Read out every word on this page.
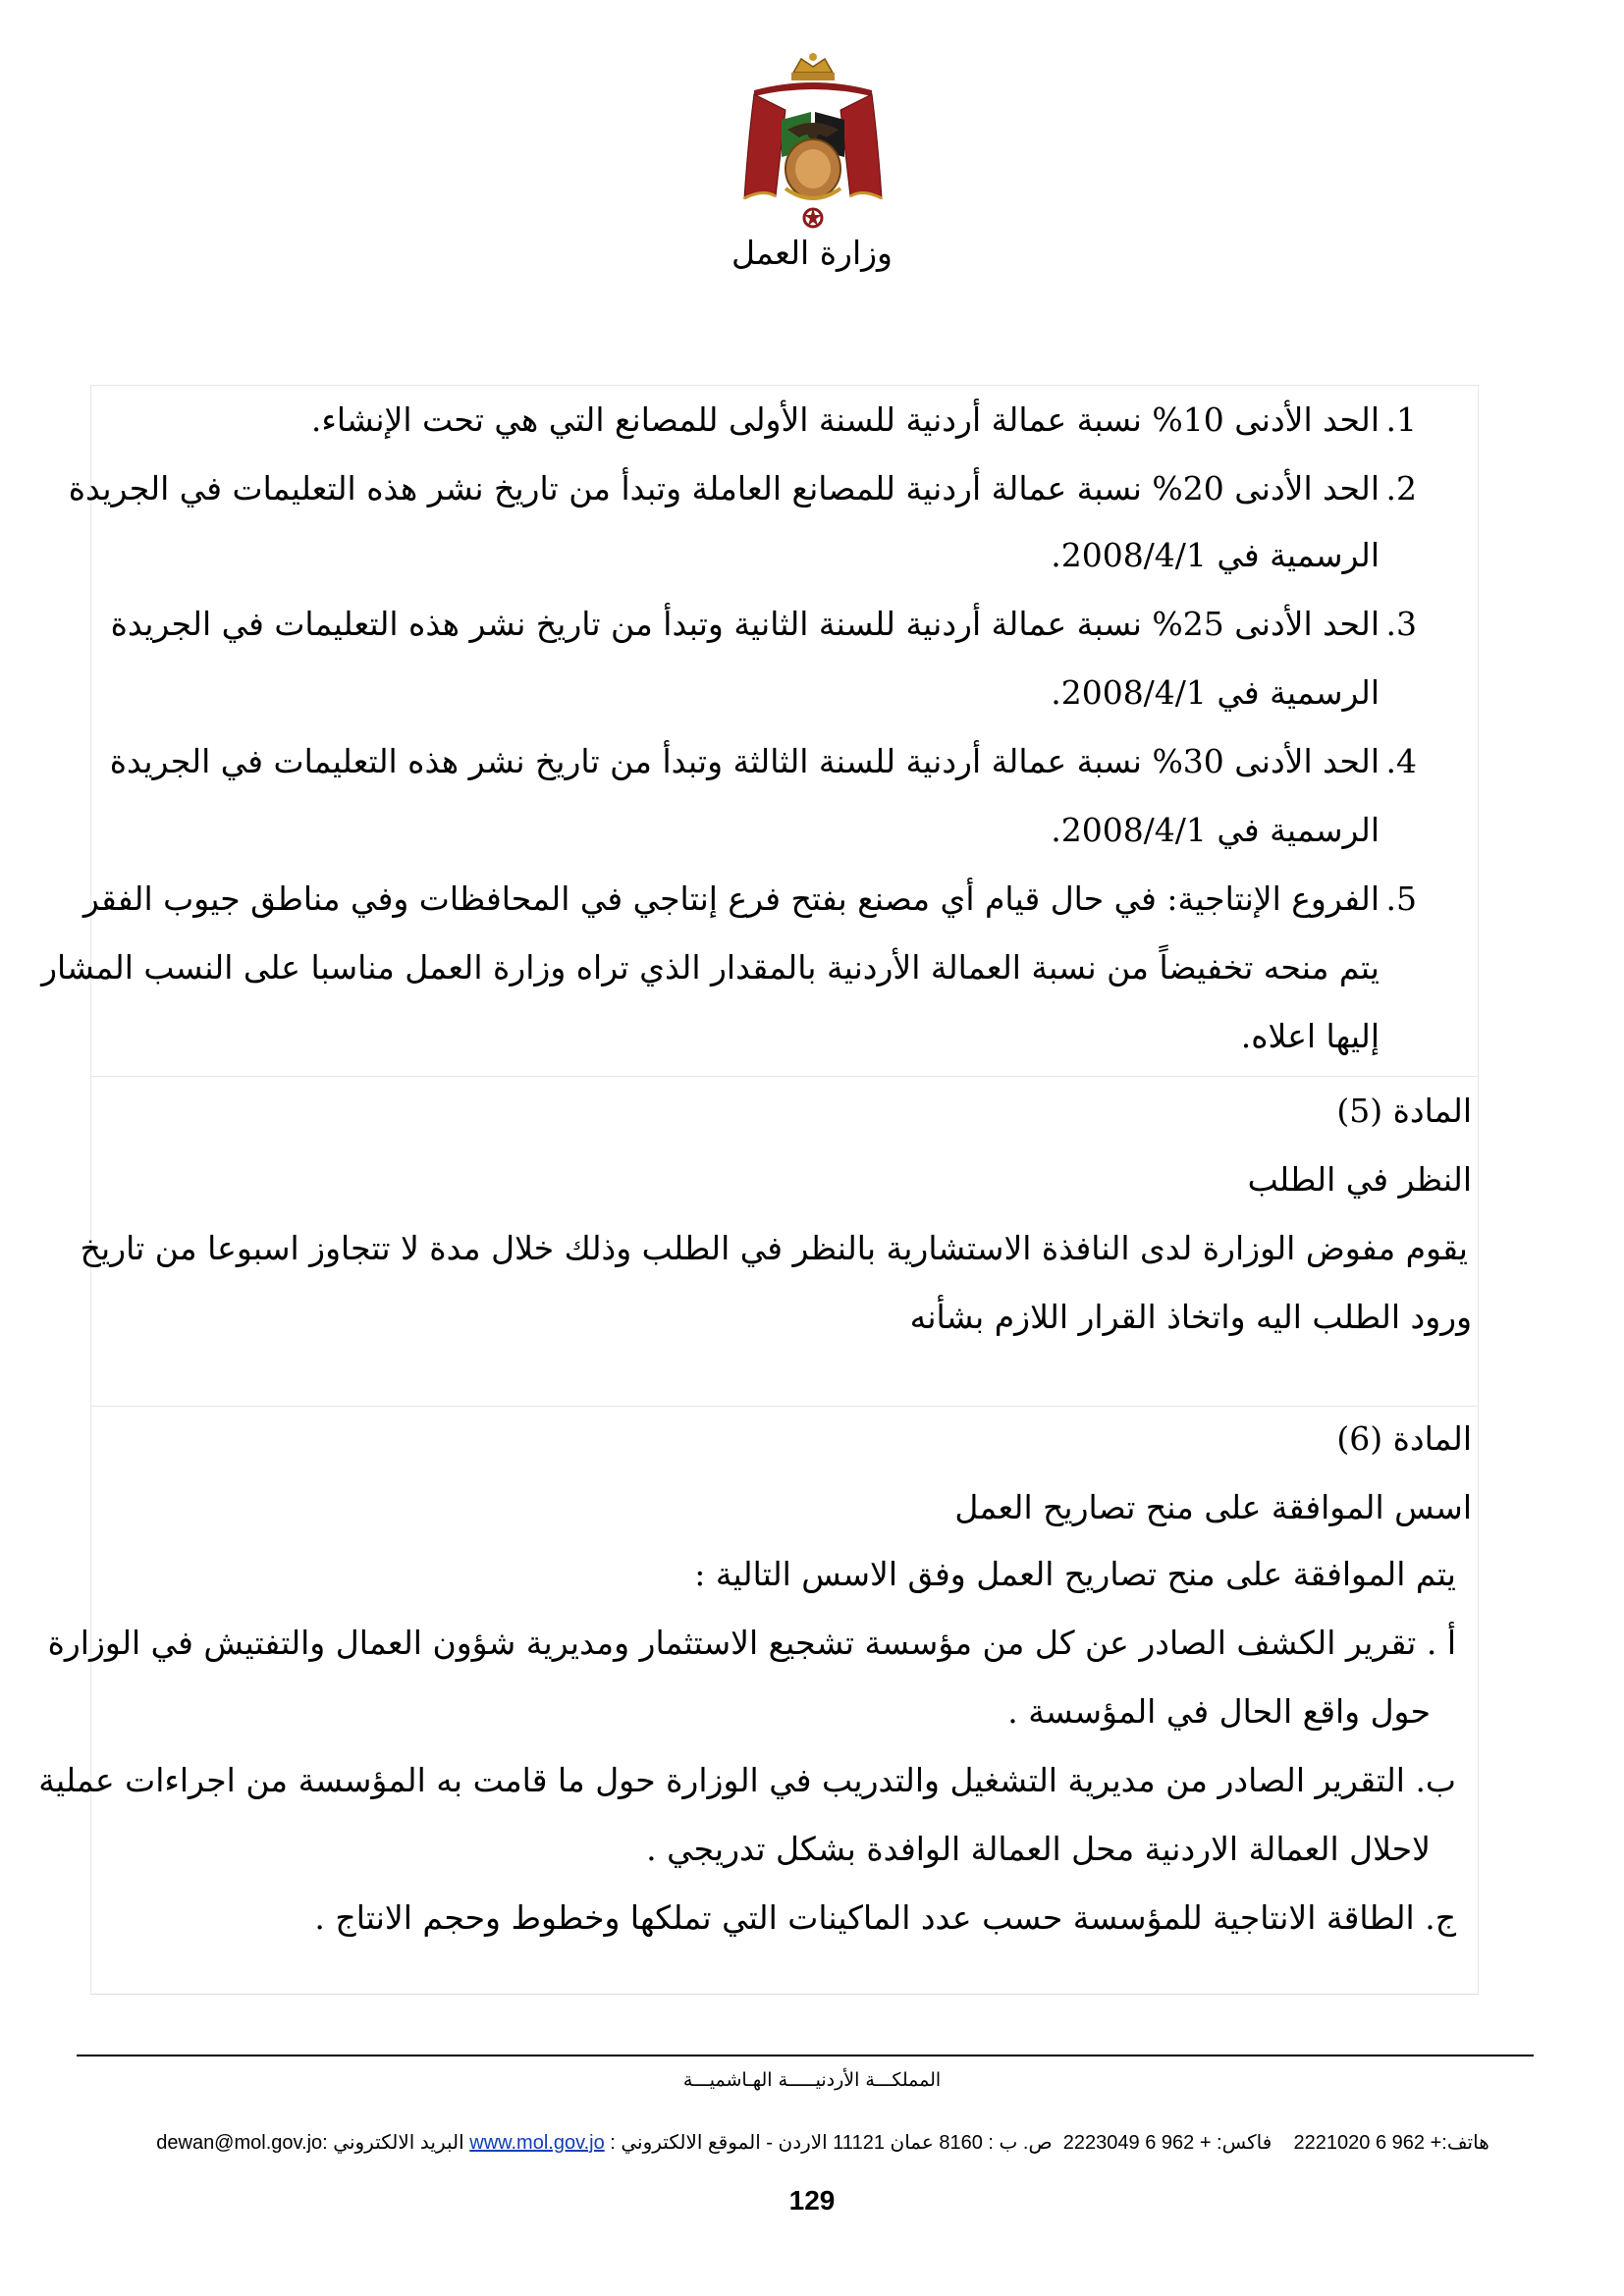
وزارة العمل
.1
الحد الأدنى 10% نسبة عمالة أردنية للسنة الأولى للمصانع التي هي تحت الإنشاء.
.2
الحد الأدنى 20% نسبة عمالة أردنية للمصانع العاملة وتبدأ من تاريخ نشر هذه التعليمات في الجريدة
الرسمية في 2008/4/1.
.3
الحد الأدنى 25% نسبة عمالة أردنية للسنة الثانية وتبدأ من تاريخ نشر هذه التعليمات في الجريدة
الرسمية في 2008/4/1.
.4
الحد الأدنى 30% نسبة عمالة أردنية للسنة الثالثة وتبدأ من تاريخ نشر هذه التعليمات في الجريدة
الرسمية في 2008/4/1.
.5
الفروع الإنتاجية: في حال قيام أي مصنع بفتح فرع إنتاجي في المحافظات وفي مناطق جيوب الفقر
يتم منحه تخفيضاً من نسبة العمالة الأردنية بالمقدار الذي تراه وزارة العمل مناسبا على النسب المشار
إليها اعلاه.
المادة (5)
النظر في الطلب
يقوم مفوض الوزارة لدى النافذة الاستشارية بالنظر في الطلب وذلك خلال مدة لا تتجاوز اسبوعا من تاريخ
ورود الطلب اليه واتخاذ القرار اللازم بشأنه
المادة (6)
اسس الموافقة على منح تصاريح العمل
يتم الموافقة على منح تصاريح العمل وفق الاسس التالية :
أ . تقرير الكشف الصادر عن كل من مؤسسة تشجيع الاستثمار ومديرية شؤون العمال والتفتيش في الوزارة
حول واقع الحال في المؤسسة .
ب. التقرير الصادر من مديرية التشغيل والتدريب في الوزارة حول ما قامت به المؤسسة من اجراءات عملية
لاحلال العمالة الاردنية محل العمالة الوافدة بشكل تدريجي .
ج. الطاقة الانتاجية للمؤسسة حسب عدد الماكينات التي تملكها وخطوط وحجم الانتاج .
المملكـــة الأردنيـــــة الهـاشميـــة
هاتف:+ 962 6 2221020    فاكس: + 962 6 2223049  ص. ب : 8160 عمان 11121 الاردن - الموقع الالكتروني : www.mol.gov.jo البريد الالكتروني :dewan@mol.gov.jo
129
